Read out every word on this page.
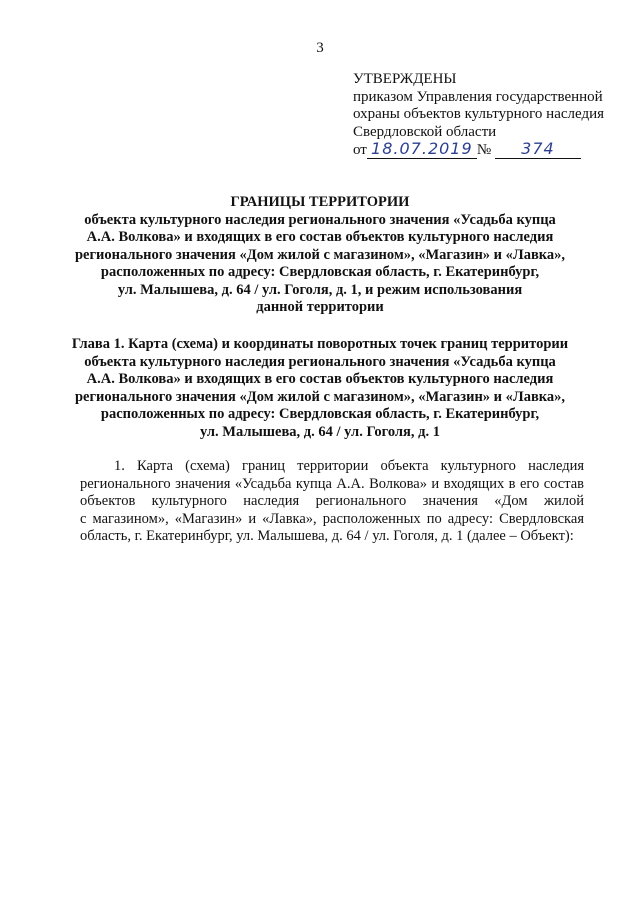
3
УТВЕРЖДЕНЫ
приказом Управления государственной
охраны объектов культурного наследия
Свердловской области
от 18.07.2019 № 374
ГРАНИЦЫ ТЕРРИТОРИИ
объекта культурного наследия регионального значения «Усадьба купца
А.А. Волкова» и входящих в его состав объектов культурного наследия
регионального значения «Дом жилой с магазином», «Магазин» и «Лавка»,
расположенных по адресу: Свердловская область, г. Екатеринбург,
ул. Малышева, д. 64 / ул. Гоголя, д. 1, и режим использования
данной территории
Глава 1. Карта (схема) и координаты поворотных точек границ территории
объекта культурного наследия регионального значения «Усадьба купца
А.А. Волкова» и входящих в его состав объектов культурного наследия
регионального значения «Дом жилой с магазином», «Магазин» и «Лавка»,
расположенных по адресу: Свердловская область, г. Екатеринбург,
ул. Малышева, д. 64 / ул. Гоголя, д. 1
1. Карта (схема) границ территории объекта культурного наследия
регионального значения «Усадьба купца А.А. Волкова» и входящих в его состав
объектов культурного наследия регионального значения «Дом жилой
с магазином», «Магазин» и «Лавка», расположенных по адресу: Свердловская
область, г. Екатеринбург, ул. Малышева, д. 64 / ул. Гоголя, д. 1 (далее – Объект):
